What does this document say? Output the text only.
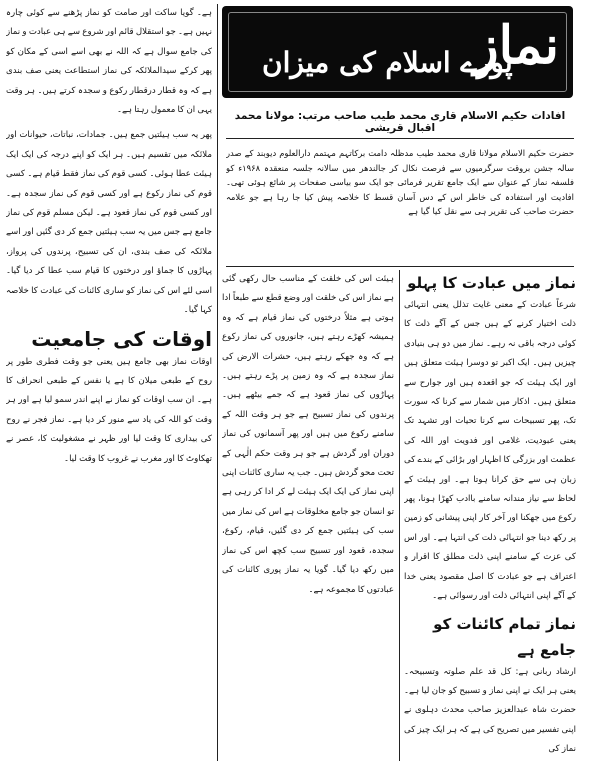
ہے۔ گویا ساکت اور صامت کو نماز پڑھنے سے کوئی چارہ نہیں ہے۔ جو استقلال قائم اور شروع سے ہی عبادت و نماز کی جامع سوال ہے کہ اللہ نے بھی اسے اسی کے مکان کو پھر کرکے سیدالملائکہ کی نماز استطاعت یعنی صف بندی ہے کہ وہ قطار درقطار رکوع و سجدہ کرتے ہیں۔ ہر وقت یہی ان کا معمول رہتا ہے۔

پھر یہ سب ہیئتیں جمع ہیں۔ جمادات، نباتات، حیوانات اور ملائکہ میں تقسیم ہیں۔ ہر ایک کو اپنے درجہ کی ایک ایک ہیئت عطا ہوئی۔ کسی قوم کی نماز فقط قیام ہے۔ کسی قوم کی نماز رکوع ہے اور کسی قوم کی نماز سجدہ ہے۔ اور کسی قوم کی نماز قعود ہے۔ لیکن مسلم قوم کی نماز جامع ہے جس میں یہ سب ہیئتیں جمع کر دی گئیں اور اسے ملائکہ کی صف بندی، ان کی تسبیح، پرندوں کی پرواز، پہاڑوں کا جماؤ اور درختوں کا قیام سب عطا کر دیا گیا۔ اسی لئے اس کی نماز کو ساری کائنات کی عبادت کا خلاصہ کہا گیا۔

اوقات کی جامعیت

اوقات نماز بھی جامع ہیں یعنی جو وقت فطری طور پر روح کے طبعی میلان کا ہے یا نفس کے طبعی انحراف کا ہے۔ ان سب اوقات کو نماز نے اپنے اندر سمو لیا ہے اور ہر وقت کو اللہ کی یاد سے منور کر دیا ہے۔ نماز فجر نے روح کی بیداری کا وقت لیا اور ظہر نے مشغولیت کا، عصر نے تھکاوٹ کا اور مغرب نے غروب کا وقت لیا۔

نماز
پورے اسلام کی میزان
افادات حکیم الاسلام قاری محمد طیب صاحب مرتب: مولانا محمد اقبال قریشی

حضرت حکیم الاسلام مولانا قاری محمد طیب مدظلہ دامت برکاتہم مہتمم دارالعلوم دیوبند کے صدر سالہ جشن بروقت سرگرمیوں سے فرصت نکال کر جالندھر میں سالانہ جلسہ منعقدہ ۱۹۶۸ء کو فلسفہ نماز کے عنوان سے ایک جامع تقریر فرمائی جو ایک سو بیاسی صفحات پر شائع ہوئی تھی۔ افادیت اور استفادہ کی خاطر اس کے دس آسان قسط کا خلاصہ پیش کیا جا رہا ہے جو علامہ حضرت صاحب کی تقریر ہی سے نقل کیا گیا ہے

ہیئت اس کی خلقت کے مناسب حال رکھی گئی ہے نماز اس کی خلقت اور وضع قطع سے طبعاً ادا ہوتی ہے مثلاً درختوں کی نماز قیام ہے کہ وہ ہمیشہ کھڑے رہتے ہیں، جانوروں کی نماز رکوع ہے کہ وہ جھکے رہتے ہیں، حشرات الارض کی نماز سجدہ ہے کہ وہ زمین پر پڑے رہتے ہیں۔ پہاڑوں کی نماز قعود ہے کہ جمے بیٹھے ہیں۔ پرندوں کی نماز تسبیح ہے جو ہر وقت اللہ کے سامنے رکوع میں ہیں اور پھر آسمانوں کی نماز دوران اور گردش ہے جو ہر وقت حکم الٰہی کے تحت محو گردش ہیں۔ جب یہ ساری کائنات اپنی اپنی نماز کی ایک ایک ہیئت لے کر ادا کر رہی ہے تو انسان جو جامع مخلوقات ہے اس کی نماز میں سب کی ہیئتیں جمع کر دی گئیں، قیام، رکوع، سجدہ، قعود اور تسبیح سب کچھ اس کی نماز میں رکھ دیا گیا۔ گویا یہ نماز پوری کائنات کی عبادتوں کا مجموعہ ہے۔

نماز میں عبادت کا پہلو

شرعاً عبادت کے معنی غایت تذلل یعنی انتہائی ذلت اختیار کرنے کے ہیں جس کے آگے ذلت کا کوئی درجہ باقی نہ رہے۔ نماز میں دو ہی بنیادی چیزیں ہیں۔ ایک اکبر تو دوسرا ہیئت متعلق ہیں اور ایک ہیئت کہ جو اقعدہ ہیں اور جوارح سے متعلق ہیں۔ اذکار میں شمار سے کرنا کہ سورت تک، پھر تسبیحات سے کرنا تحیات اور تشہد تک یعنی عبودیت، غلامی اور فدویت اور اللہ کی عظمت اور بزرگی کا اظہار اور بڑائی کے بندے کی زبان ہی سے حق کرانا ہوتا ہے۔ اور ہیئت کے لحاظ سے نیاز مندانہ سامنے باادب کھڑا ہونا، پھر رکوع میں جھکنا اور آخر کار اپنی پیشانی کو زمین پر رکھ دینا جو انتہائی ذلت کی انتہا ہے۔ اور اس کی عزت کے سامنے اپنی ذلت مطلق کا اقرار و اعتراف ہے جو عبادت کا اصل مقصود یعنی خدا کے آگے اپنی انتہائی ذلت اور رسوائی ہے۔

نماز تمام کائنات کو جامع ہے

ارشاد ربانی ہے: کل قد علم صلوتہ وتسبیحہ۔ یعنی ہر ایک نے اپنی نماز و تسبیح کو جان لیا ہے۔ حضرت شاہ عبدالعزیز صاحب محدث دہلوی نے اپنی تفسیر میں تصریح کی ہے کہ ہر ایک چیز کی نماز کی
